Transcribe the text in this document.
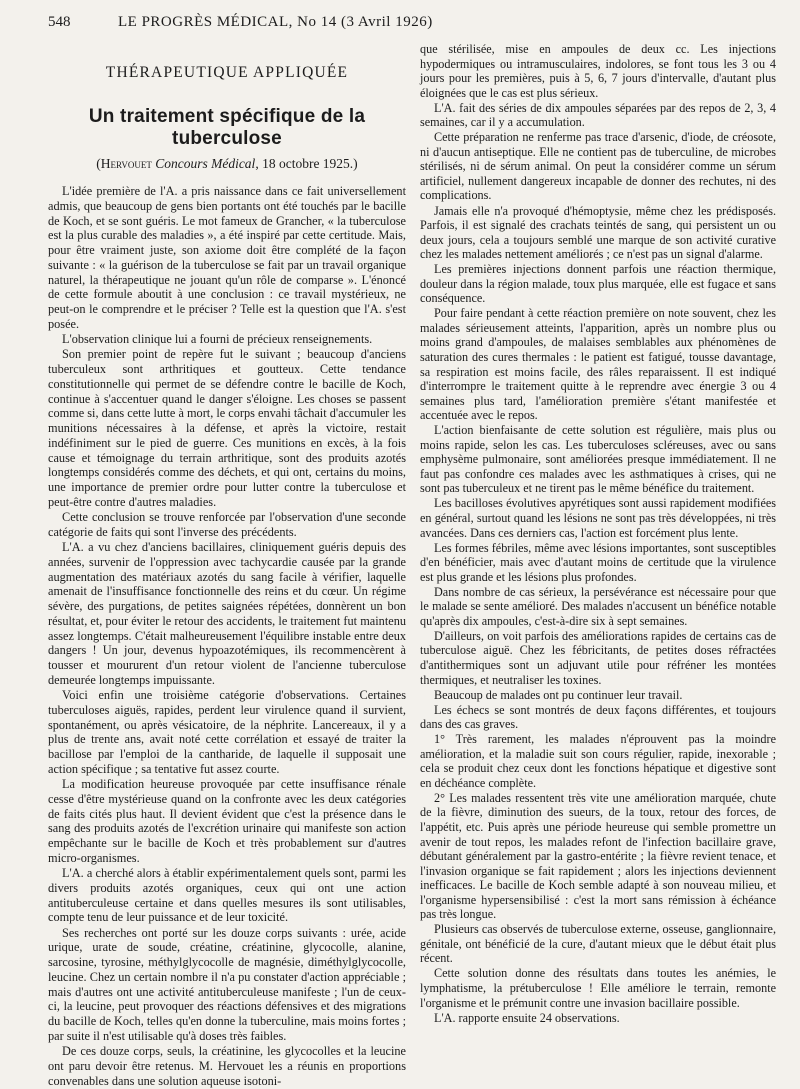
548	LE PROGRÈS MÉDICAL, No 14 (3 Avril 1926)
THÉRAPEUTIQUE APPLIQUÉE
Un traitement spécifique de la tuberculose
(Hervouet Concours Médical, 18 octobre 1925.)

L'idée première de l'A. a pris naissance dans ce fait universellement admis, que beaucoup de gens bien portants ont été touchés par le bacille de Koch, et se sont guéris. Le mot fameux de Grancher, « la tuberculose est la plus curable des maladies », a été inspiré par cette certitude. Mais, pour être vraiment juste, son axiome doit être complété de la façon suivante : « la guérison de la tuberculose se fait par un travail organique naturel, la thérapeutique ne jouant qu'un rôle de comparse ». L'énoncé de cette formule aboutit à une conclusion : ce travail mystérieux, ne peut-on le comprendre et le préciser ? Telle est la question que l'A. s'est posée.

L'observation clinique lui a fourni de précieux renseignements.

Son premier point de repère fut le suivant ; beaucoup d'anciens tuberculeux sont arthritiques et goutteux. Cette tendance constitutionnelle qui permet de se défendre contre le bacille de Koch, continue à s'accentuer quand le danger s'éloigne. Les choses se passent comme si, dans cette lutte à mort, le corps envahi tâchait d'accumuler les munitions nécessaires à la défense, et après la victoire, restait indéfiniment sur le pied de guerre. Ces munitions en excès, à la fois cause et témoignage du terrain arthritique, sont des produits azotés longtemps considérés comme des déchets, et qui ont, certains du moins, une importance de premier ordre pour lutter contre la tuberculose et peut-être contre d'autres maladies.

Cette conclusion se trouve renforcée par l'observation d'une seconde catégorie de faits qui sont l'inverse des précédents.

L'A. a vu chez d'anciens bacillaires, cliniquement guéris depuis des années, survenir de l'oppression avec tachycardie causée par la grande augmentation des matériaux azotés du sang facile à vérifier, laquelle amenait de l'insuffisance fonctionnelle des reins et du cœur. Un régime sévère, des purgations, de petites saignées répétées, donnèrent un bon résultat, et, pour éviter le retour des accidents, le traitement fut maintenu assez longtemps. C'était malheureusement l'équilibre instable entre deux dangers ! Un jour, devenus hypoazotémiques, ils recommencèrent à tousser et moururent d'un retour violent de l'ancienne tuberculose demeurée longtemps impuissante.

Voici enfin une troisième catégorie d'observations. Certaines tuberculoses aiguës, rapides, perdent leur virulence quand il survient, spontanément, ou après vésicatoire, de la néphrite. Lancereaux, il y a plus de trente ans, avait noté cette corrélation et essayé de traiter la bacillose par l'emploi de la cantharide, de laquelle il supposait une action spécifique ; sa tentative fut assez courte.

La modification heureuse provoquée par cette insuffisance rénale cesse d'être mystérieuse quand on la confronte avec les deux catégories de faits cités plus haut. Il devient évident que c'est la présence dans le sang des produits azotés de l'excrétion urinaire qui manifeste son action empêchante sur le bacille de Koch et très probablement sur d'autres micro-organismes.

L'A. a cherché alors à établir expérimentalement quels sont, parmi les divers produits azotés organiques, ceux qui ont une action antituberculeuse certaine et dans quelles mesures ils sont utilisables, compte tenu de leur puissance et de leur toxicité.

Ses recherches ont porté sur les douze corps suivants : urée, acide urique, urate de soude, créatine, créatinine, glycocolle, alanine, sarcosine, tyrosine, méthylglycocolle de magnésie, diméthylglycocolle, leucine. Chez un certain nombre il n'a pu constater d'action appréciable ; mais d'autres ont une activité antituberculeuse manifeste ; l'un de ceux-ci, la leucine, peut provoquer des réactions défensives et des migrations du bacille de Koch, telles qu'en donne la tuberculine, mais moins fortes ; par suite il n'est utilisable qu'à doses très faibles.

De ces douze corps, seuls, la créatinine, les glycocolles et la leucine ont paru devoir être retenus. M. Hervouet les a réunis en proportions convenables dans une solution aqueuse isotoni-

que stérilisée, mise en ampoules de deux cc. Les injections hypodermiques ou intramusculaires, indolores, se font tous les 3 ou 4 jours pour les premières, puis à 5, 6, 7 jours d'intervalle, d'autant plus éloignées que le cas est plus sérieux.

L'A. fait des séries de dix ampoules séparées par des repos de 2, 3, 4 semaines, car il y a accumulation.

Cette préparation ne renferme pas trace d'arsenic, d'iode, de créosote, ni d'aucun antiseptique. Elle ne contient pas de tuberculine, de microbes stérilisés, ni de sérum animal. On peut la considérer comme un sérum artificiel, nullement dangereux incapable de donner des rechutes, ni des complications.

Jamais elle n'a provoqué d'hémoptysie, même chez les prédisposés. Parfois, il est signalé des crachats teintés de sang, qui persistent un ou deux jours, cela a toujours semblé une marque de son activité curative chez les malades nettement améliorés ; ce n'est pas un signal d'alarme.

Les premières injections donnent parfois une réaction thermique, douleur dans la région malade, toux plus marquée, elle est fugace et sans conséquence.

Pour faire pendant à cette réaction première on note souvent, chez les malades sérieusement atteints, l'apparition, après un nombre plus ou moins grand d'ampoules, de malaises semblables aux phénomènes de saturation des cures thermales : le patient est fatigué, tousse davantage, sa respiration est moins facile, des râles reparaissent. Il est indiqué d'interrompre le traitement quitte à le reprendre avec énergie 3 ou 4 semaines plus tard, l'amélioration première s'étant manifestée et accentuée avec le repos.

L'action bienfaisante de cette solution est régulière, mais plus ou moins rapide, selon les cas. Les tuberculoses scléreuses, avec ou sans emphysème pulmonaire, sont améliorées presque immédiatement. Il ne faut pas confondre ces malades avec les asthmatiques à crises, qui ne sont pas tuberculeux et ne tirent pas le même bénéfice du traitement.

Les bacilloses évolutives apyrétiques sont aussi rapidement modifiées en général, surtout quand les lésions ne sont pas très développées, ni très avancées. Dans ces derniers cas, l'action est forcément plus lente.

Les formes fébriles, même avec lésions importantes, sont susceptibles d'en bénéficier, mais avec d'autant moins de certitude que la virulence est plus grande et les lésions plus profondes.

Dans nombre de cas sérieux, la persévérance est nécessaire pour que le malade se sente amélioré. Des malades n'accusent un bénéfice notable qu'après dix ampoules, c'est-à-dire six à sept semaines.

D'ailleurs, on voit parfois des améliorations rapides de certains cas de tuberculose aiguë. Chez les fébricitants, de petites doses réfractées d'antithermiques sont un adjuvant utile pour réfréner les montées thermiques, et neutraliser les toxines.

Beaucoup de malades ont pu continuer leur travail.

Les échecs se sont montrés de deux façons différentes, et toujours dans des cas graves.

1° Très rarement, les malades n'éprouvent pas la moindre amélioration, et la maladie suit son cours régulier, rapide, inexorable ; cela se produit chez ceux dont les fonctions hépatique et digestive sont en déchéance complète.

2° Les malades ressentent très vite une amélioration marquée, chute de la fièvre, diminution des sueurs, de la toux, retour des forces, de l'appétit, etc. Puis après une période heureuse qui semble promettre un avenir de tout repos, les malades refont de l'infection bacillaire grave, débutant généralement par la gastro-entérite ; la fièvre revient tenace, et l'invasion organique se fait rapidement ; alors les injections deviennent inefficaces. Le bacille de Koch semble adapté à son nouveau milieu, et l'organisme hypersensibilisé : c'est la mort sans rémission à échéance pas très longue.

Plusieurs cas observés de tuberculose externe, osseuse, ganglionnaire, génitale, ont bénéficié de la cure, d'autant mieux que le début était plus récent.

Cette solution donne des résultats dans toutes les anémies, le lymphatisme, la prétuberculose ! Elle améliore le terrain, remonte l'organisme et le prémunit contre une invasion bacillaire possible.

L'A. rapporte ensuite 24 observations.
